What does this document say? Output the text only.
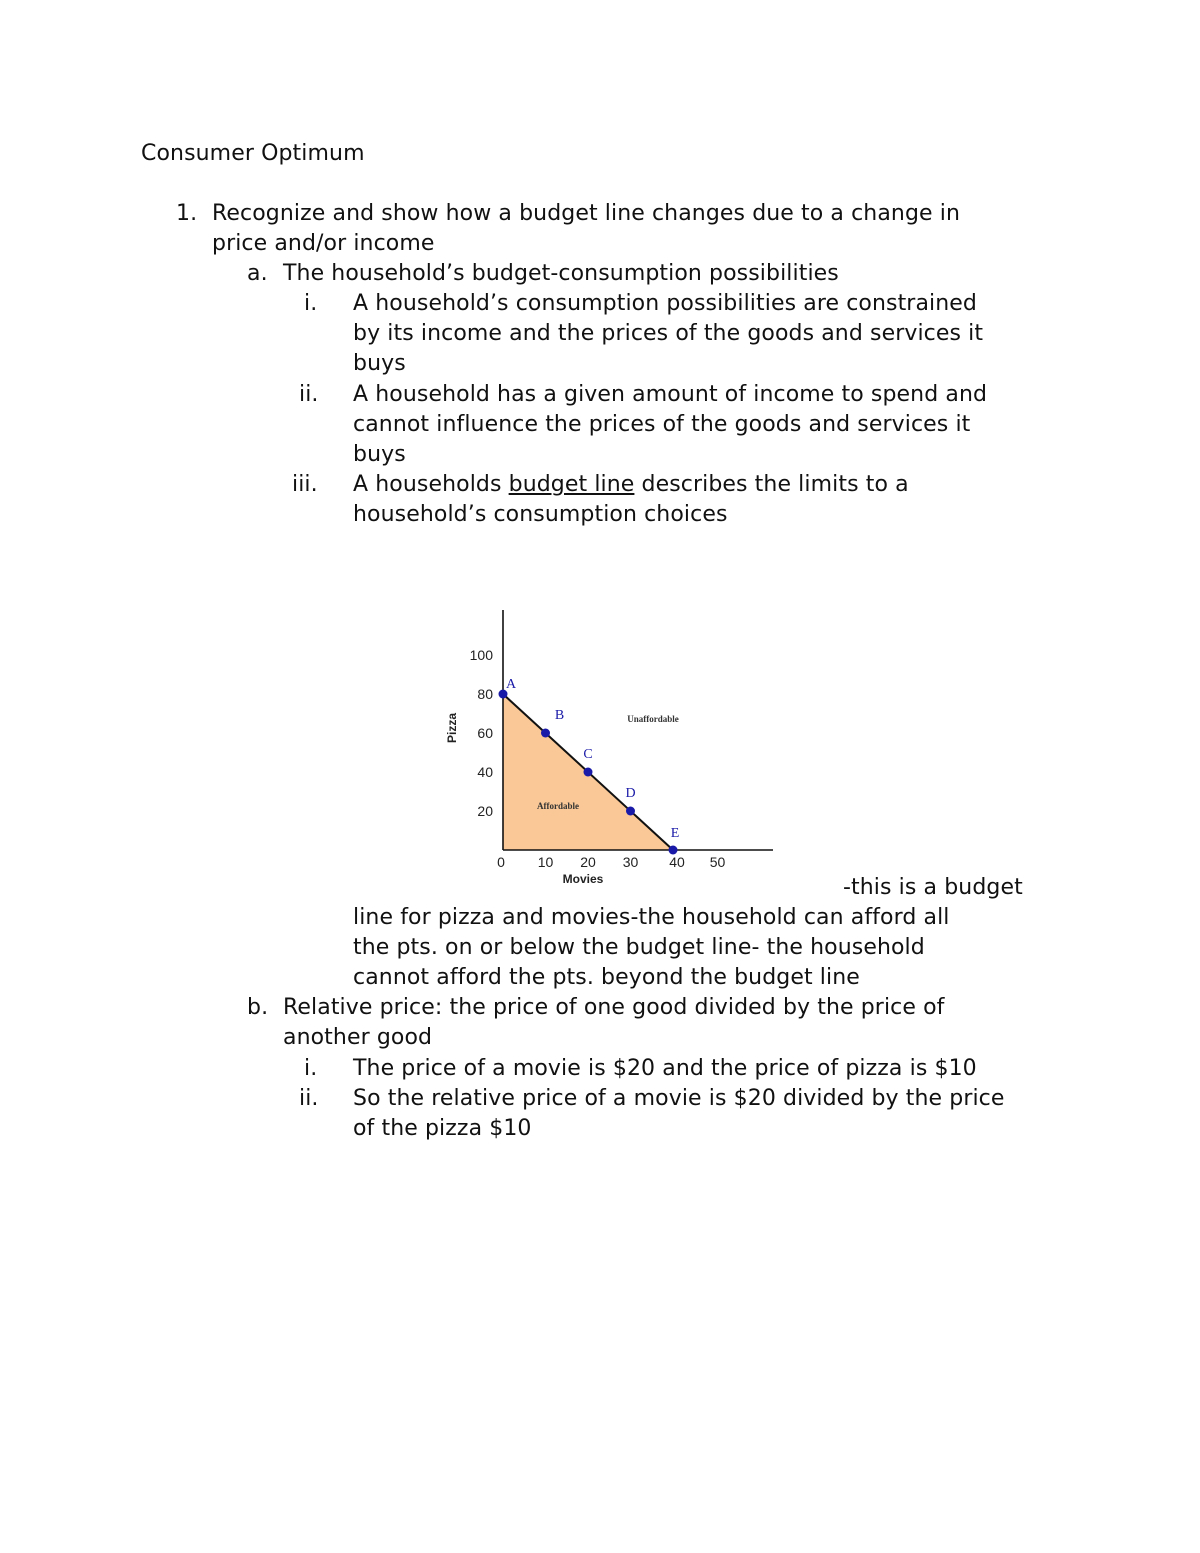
Consumer Optimum
1. Recognize and show how a budget line changes due to a change in
price and/or income
a. The household’s budget-consumption possibilities
i. A household’s consumption possibilities are constrained
by its income and the prices of the goods and services it
buys
ii. A household has a given amount of income to spend and
cannot influence the prices of the goods and services it
buys
iii. A households budget line describes the limits to a
household’s consumption choices
20
40
60
80
100
0 10 20 30 40 50
A
B
C
D
E
Pizza
Movies
Affordable
Unaffordable
-this is a budget
line for pizza and movies-the household can afford all
the pts. on or below the budget line- the household
cannot afford the pts. beyond the budget line
b. Relative price: the price of one good divided by the price of
another good
i. The price of a movie is $20 and the price of pizza is $10
ii. So the relative price of a movie is $20 divided by the price
of the pizza $10
